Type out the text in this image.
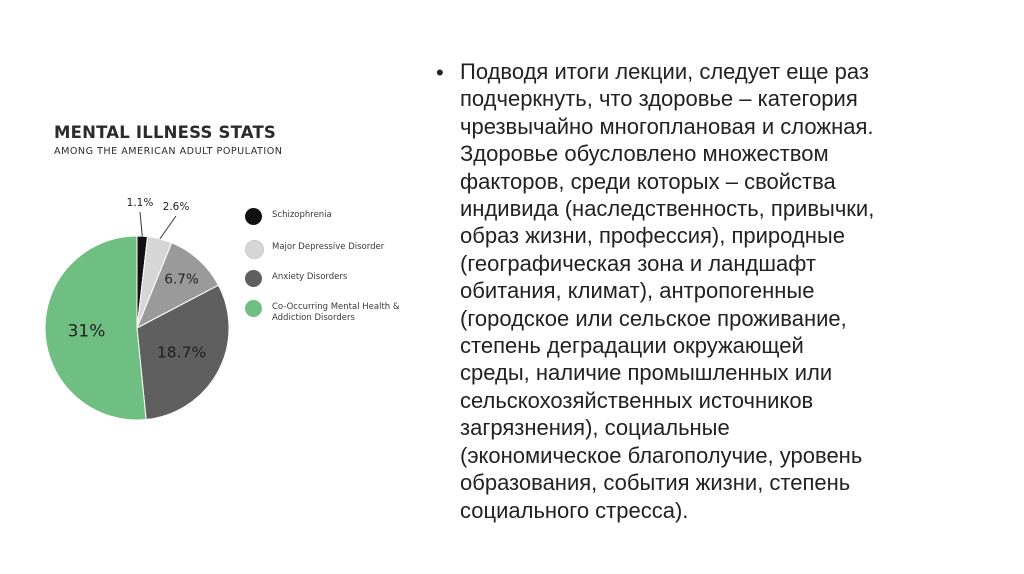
MENTAL ILLNESS STATS
AMONG THE AMERICAN ADULT POPULATION
1.1% 2.6%
6.7%
18.7%
31%
Schizophrenia
Major Depressive Disorder
Anxiety Disorders
Co-Occurring Mental Health &
Addiction Disorders
• Подводя итоги лекции, следует еще раз
подчеркнуть, что здоровье – категория
чрезвычайно многоплановая и сложная.
Здоровье обусловлено множеством
факторов, среди которых – свойства
индивида (наследственность, привычки,
образ жизни, профессия), природные
(географическая зона и ландшафт
обитания, климат), антропогенные
(городское или сельское проживание,
степень деградации окружающей
среды, наличие промышленных или
сельскохозяйственных источников
загрязнения), социальные
(экономическое благополучие, уровень
образования, события жизни, степень
социального стресса).
